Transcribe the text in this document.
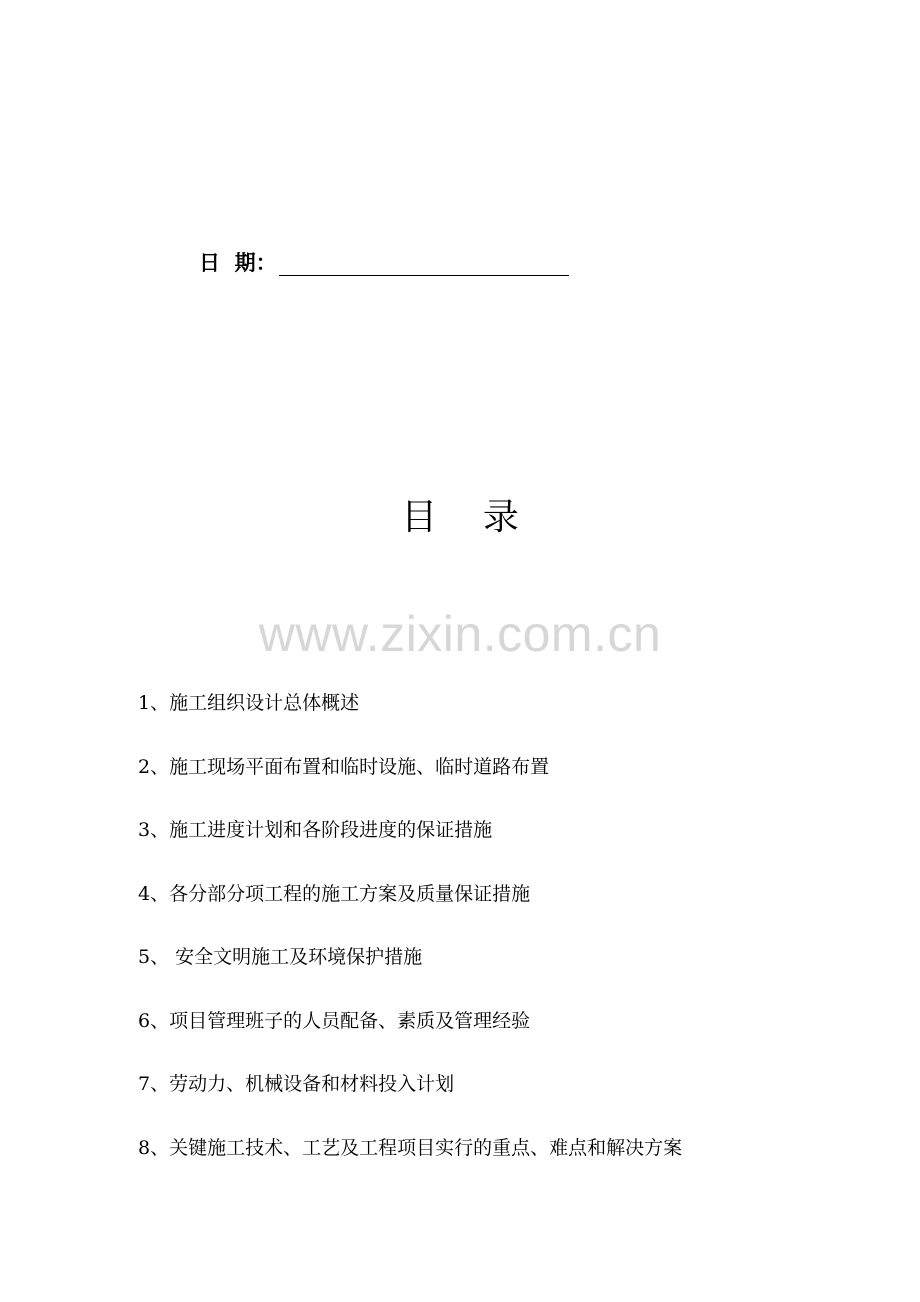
日  期：
目    录
www.zixin.com.cn
1、 施工组织设计总体概述
2、 施工现场平面布置和临时设施、临时道路布置
3、 施工进度计划和各阶段进度的保证措施
4、 各分部分项工程的施工方案及质量保证措施
5、 安全文明施工及环境保护措施
6、 项目管理班子的人员配备、素质及管理经验
7、 劳动力、机械设备和材料投入计划
8、 关键施工技术、工艺及工程项目实行的重点、难点和解决方案
